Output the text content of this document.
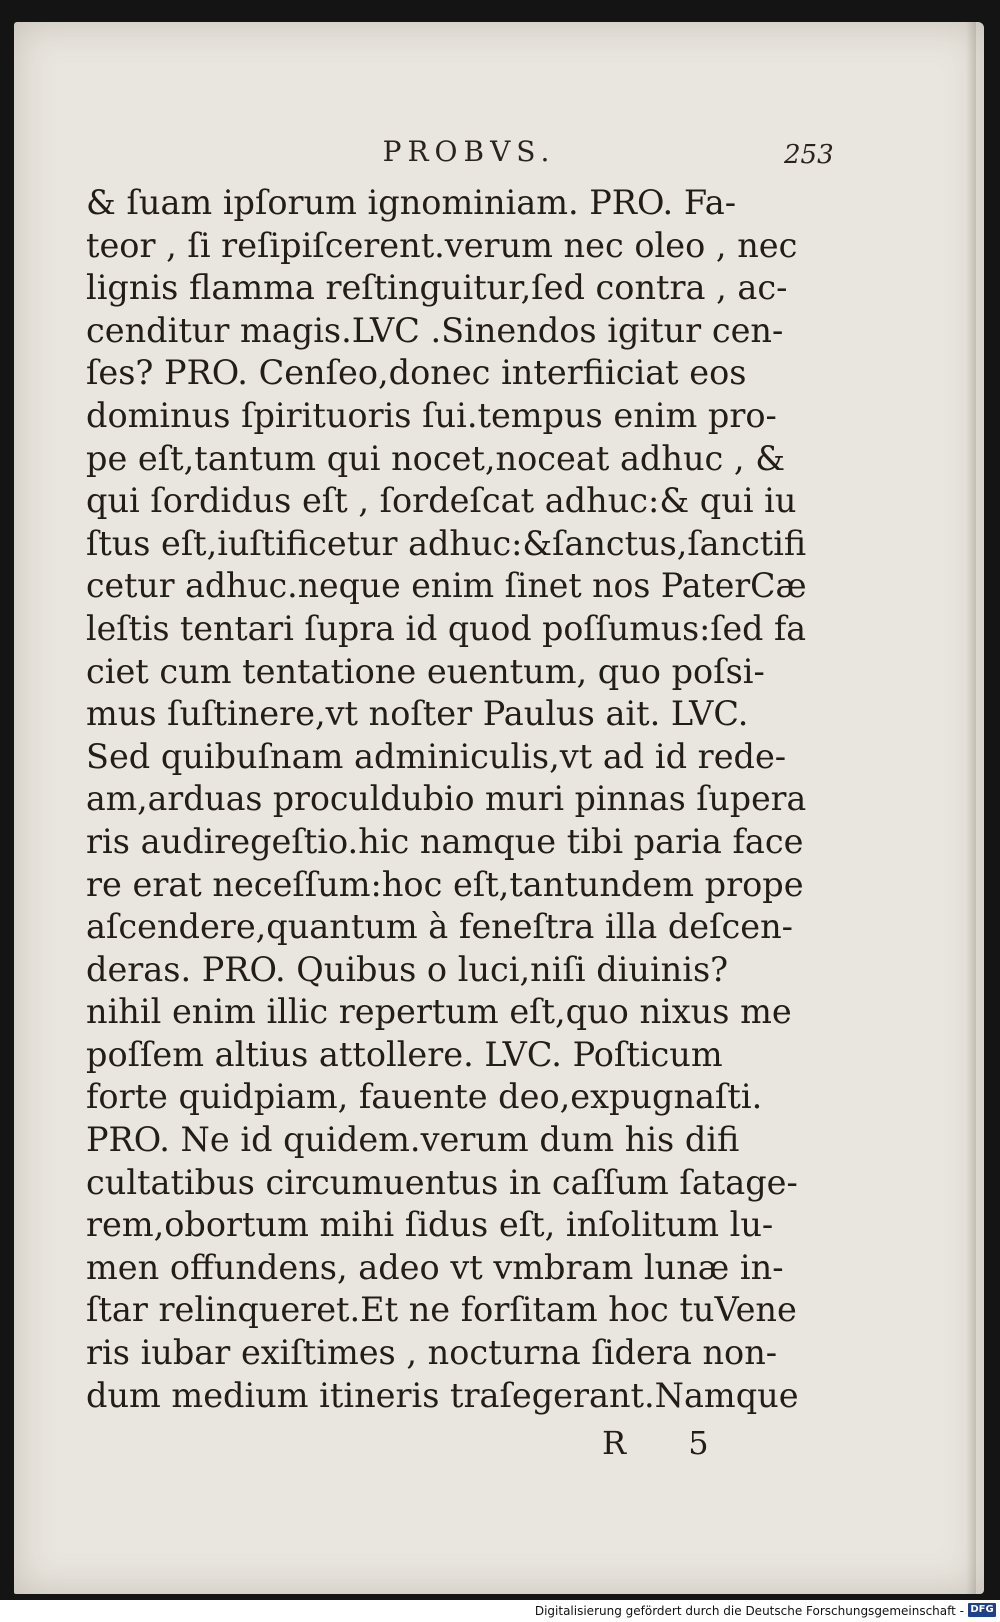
PROBVS.	253
& ſuam ipſorum ignominiam. PRO. Fa-
teor , ſi reſipiſcerent.verum nec oleo , nec
lignis flamma reſtinguitur,ſed contra , ac-
cenditur magis.LVC .Sinendos igitur cen-
ſes? PRO. Cenſeo,donec interfiiciat eos
dominus ſpirituoris ſui.tempus enim pro-
pe eſt,tantum qui nocet,noceat adhuc , &
qui ſordidus eſt , ſordeſcat adhuc:& qui iu
ſtus eſt,iuſtificetur adhuc:&ſanctus,ſanctifi
cetur adhuc.neque enim ſinet nos PaterCæ
leſtis tentari ſupra id quod poſſumus:ſed fa
ciet cum tentatione euentum, quo poſsi-
mus ſuſtinere,vt noſter Paulus ait. LVC.
Sed quibuſnam adminiculis,vt ad id rede-
am,arduas proculdubio muri pinnas ſupera
ris audiregeſtio.hic namque tibi paria face
re erat neceſſum:hoc eſt,tantundem prope
aſcendere,quantum à feneſtra illa deſcen-
deras. PRO. Quibus o luci,niſi diuinis?
nihil enim illic repertum eſt,quo nixus me
poſſem altius attollere. LVC. Poſticum
forte quidpiam, fauente deo,expugnaſti.
PRO. Ne id quidem.verum dum his difi
cultatibus circumuentus in caſſum ſatage-
rem,obortum mihi ſidus eſt, inſolitum lu-
men offundens, adeo vt vmbram lunæ in-
ſtar relinqueret.Et ne forſitam hoc tuVene
ris iubar exiſtimes , nocturna ſidera non-
dum medium itineris traſegerant.Namque
R 5
Digitalisierung gefördert durch die Deutsche Forschungsgemeinschaft - DFG
